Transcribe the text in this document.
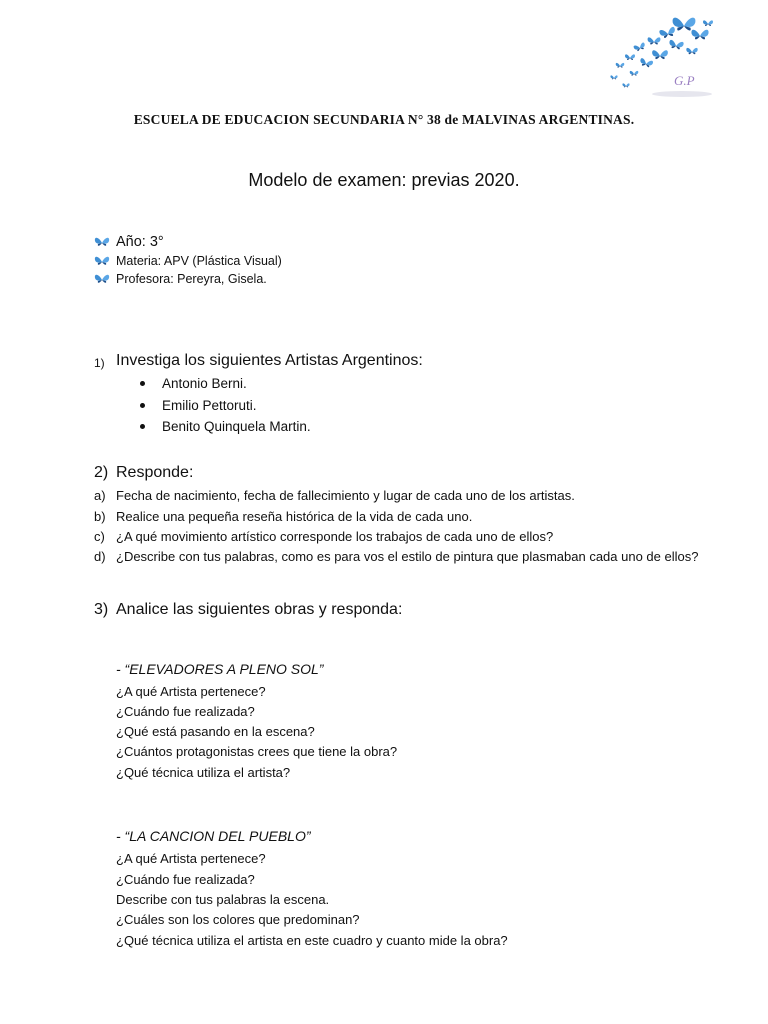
G.P
ESCUELA DE EDUCACION SECUNDARIA N° 38 de MALVINAS ARGENTINAS.
Modelo de examen: previas 2020.
Año: 3°
Materia: APV (Plástica Visual)
Profesora: Pereyra, Gisela.
1) Investiga los siguientes Artistas Argentinos:
Antonio Berni.
Emilio Pettoruti.
Benito Quinquela Martin.
2) Responde:
a) Fecha de nacimiento, fecha de fallecimiento y lugar de cada uno de los artistas.
b) Realice una pequeña reseña histórica de la vida de cada uno.
c) ¿A qué movimiento artístico corresponde los trabajos de cada uno de ellos?
d) ¿Describe con tus palabras, como es para vos el estilo de pintura que plasmaban cada uno de ellos?
3) Analice las siguientes obras y responda:
- “ELEVADORES A PLENO SOL”
¿A qué Artista pertenece?
¿Cuándo fue realizada?
¿Qué está pasando en la escena?
¿Cuántos protagonistas crees que tiene la obra?
¿Qué técnica utiliza el artista?
- “LA CANCION DEL PUEBLO”
¿A qué Artista pertenece?
¿Cuándo fue realizada?
Describe con tus palabras la escena.
¿Cuáles son los colores que predominan?
¿Qué técnica utiliza el artista en este cuadro y cuanto mide la obra?
